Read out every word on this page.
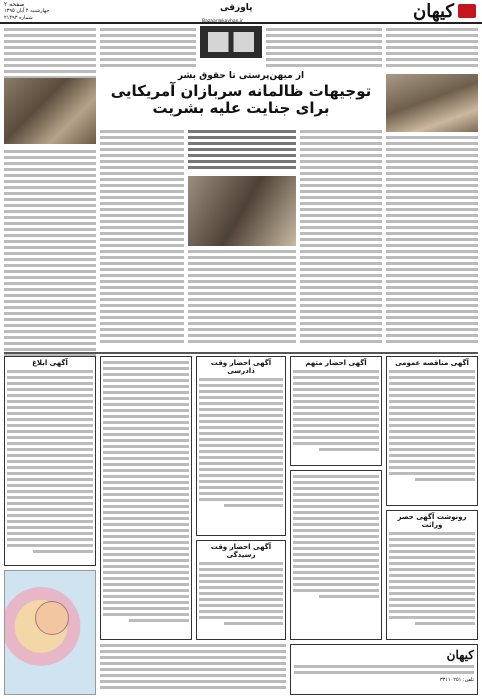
کیهان
پاورقی
صفحه ۲
چهارشنبه ۴ آبان ۱۳۹۵
شماره ۲۱۴۹۳
Bazaar@kayhan.ir
از میهن‌پرستی تا حقوق بشر
توجیهات ظالمانه سربازان آمریکایی
برای جنایت علیه بشریت
آگهی مناقصه عمومی
رونوشت آگهی حصر وراثت
آگهی احضار متهم
آگهی احضار وقت دادرسی
آگهی احضار وقت رسیدگی
آگهی ابلاغ
کیهان
تلفن: ۳۳۱۱۰۲۵۱
